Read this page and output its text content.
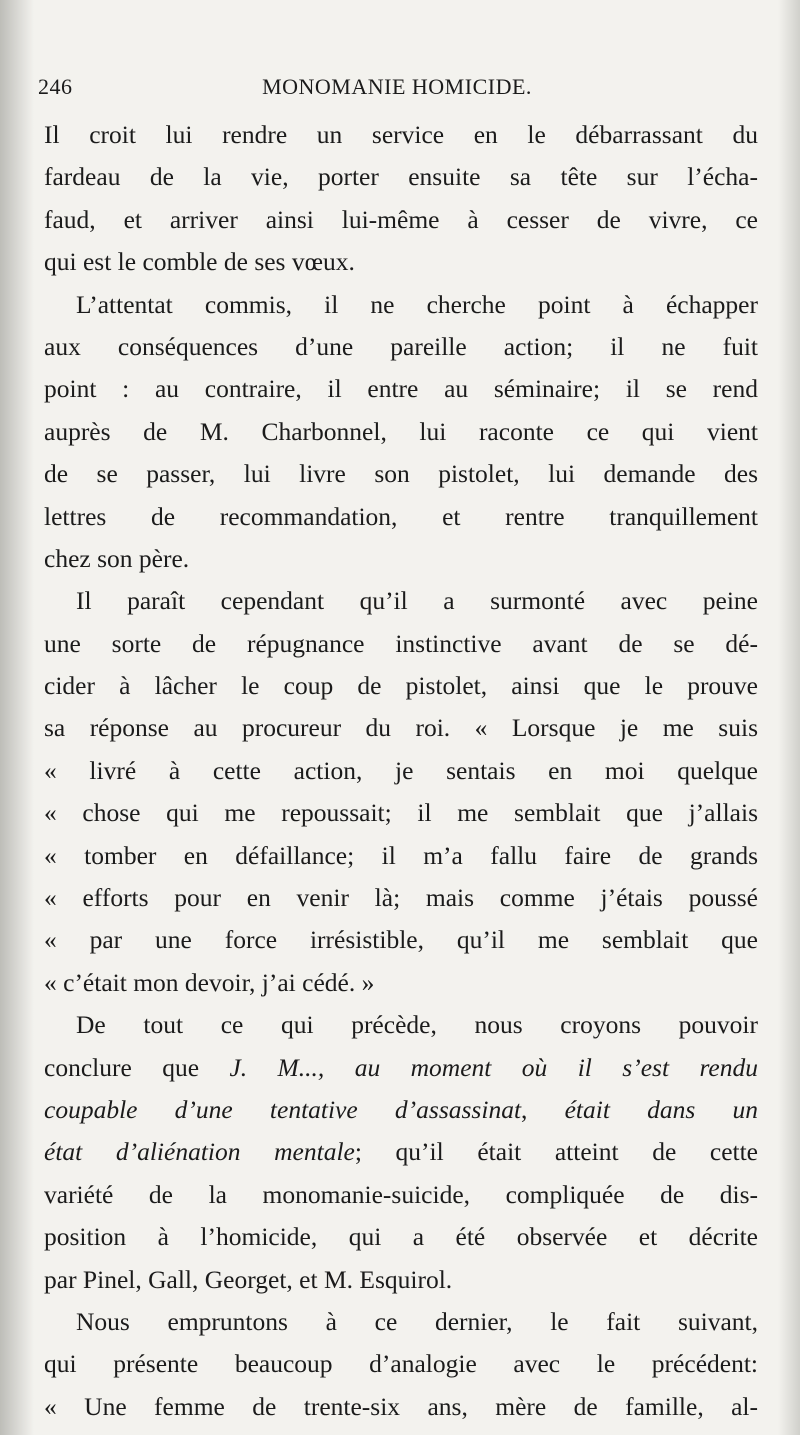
246	MONOMANIE HOMICIDE.
Il croit lui rendre un service en le débarrassant du
fardeau de la vie, porter ensuite sa tête sur l’écha-
faud, et arriver ainsi lui-même à cesser de vivre, ce
qui est le comble de ses vœux.
L’attentat commis, il ne cherche point à échapper
aux conséquences d’une pareille action; il ne fuit
point : au contraire, il entre au séminaire; il se rend
auprès de M. Charbonnel, lui raconte ce qui vient
de se passer, lui livre son pistolet, lui demande des
lettres de recommandation, et rentre tranquillement
chez son père.
Il paraît cependant qu’il a surmonté avec peine
une sorte de répugnance instinctive avant de se dé-
cider à lâcher le coup de pistolet, ainsi que le prouve
sa réponse au procureur du roi. « Lorsque je me suis
« livré à cette action, je sentais en moi quelque
« chose qui me repoussait; il me semblait que j’allais
« tomber en défaillance; il m’a fallu faire de grands
« efforts pour en venir là; mais comme j’étais poussé
« par une force irrésistible, qu’il me semblait que
« c’était mon devoir, j’ai cédé. »
De tout ce qui précède, nous croyons pouvoir
conclure que J. M..., au moment où il s’est rendu
coupable d’une tentative d’assassinat, était dans un
état d’aliénation mentale; qu’il était atteint de cette
variété de la monomanie-suicide, compliquée de dis-
position à l’homicide, qui a été observée et décrite
par Pinel, Gall, Georget, et M. Esquirol.
Nous empruntons à ce dernier, le fait suivant,
qui présente beaucoup d’analogie avec le précédent:
« Une femme de trente-six ans, mère de famille, al-
